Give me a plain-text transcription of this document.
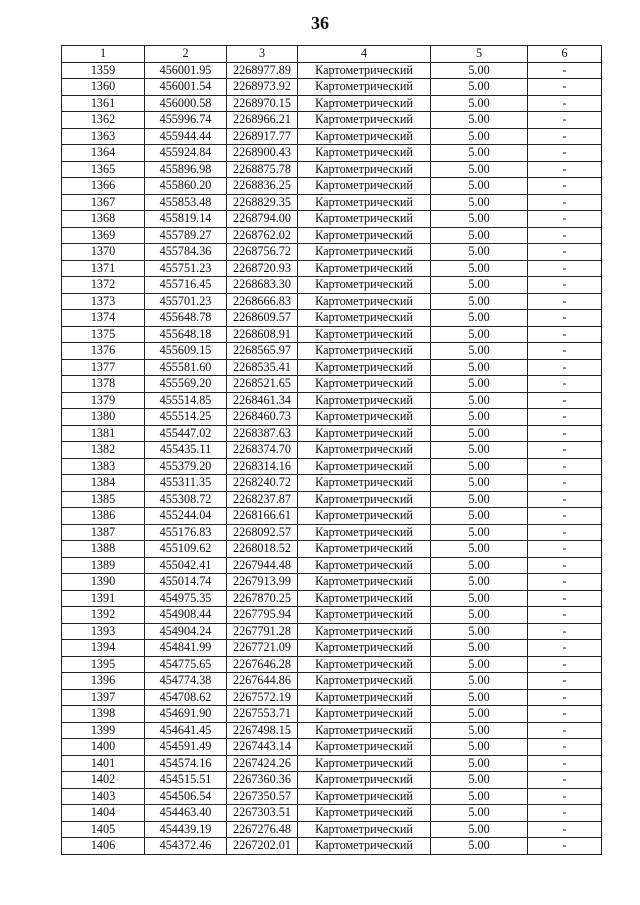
36
1	2	3	4	5	6
1359	456001.95	2268977.89	Картометрический	5.00	-
1360	456001.54	2268973.92	Картометрический	5.00	-
1361	456000.58	2268970.15	Картометрический	5.00	-
1362	455996.74	2268966.21	Картометрический	5.00	-
1363	455944.44	2268917.77	Картометрический	5.00	-
1364	455924.84	2268900.43	Картометрический	5.00	-
1365	455896.98	2268875.78	Картометрический	5.00	-
1366	455860.20	2268836.25	Картометрический	5.00	-
1367	455853.48	2268829.35	Картометрический	5.00	-
1368	455819.14	2268794.00	Картометрический	5.00	-
1369	455789.27	2268762.02	Картометрический	5.00	-
1370	455784.36	2268756.72	Картометрический	5.00	-
1371	455751.23	2268720.93	Картометрический	5.00	-
1372	455716.45	2268683.30	Картометрический	5.00	-
1373	455701.23	2268666.83	Картометрический	5.00	-
1374	455648.78	2268609.57	Картометрический	5.00	-
1375	455648.18	2268608.91	Картометрический	5.00	-
1376	455609.15	2268565.97	Картометрический	5.00	-
1377	455581.60	2268535.41	Картометрический	5.00	-
1378	455569.20	2268521.65	Картометрический	5.00	-
1379	455514.85	2268461.34	Картометрический	5.00	-
1380	455514.25	2268460.73	Картометрический	5.00	-
1381	455447.02	2268387.63	Картометрический	5.00	-
1382	455435.11	2268374.70	Картометрический	5.00	-
1383	455379.20	2268314.16	Картометрический	5.00	-
1384	455311.35	2268240.72	Картометрический	5.00	-
1385	455308.72	2268237.87	Картометрический	5.00	-
1386	455244.04	2268166.61	Картометрический	5.00	-
1387	455176.83	2268092.57	Картометрический	5.00	-
1388	455109.62	2268018.52	Картометрический	5.00	-
1389	455042.41	2267944.48	Картометрический	5.00	-
1390	455014.74	2267913.99	Картометрический	5.00	-
1391	454975.35	2267870.25	Картометрический	5.00	-
1392	454908.44	2267795.94	Картометрический	5.00	-
1393	454904.24	2267791.28	Картометрический	5.00	-
1394	454841.99	2267721.09	Картометрический	5.00	-
1395	454775.65	2267646.28	Картометрический	5.00	-
1396	454774.38	2267644.86	Картометрический	5.00	-
1397	454708.62	2267572.19	Картометрический	5.00	-
1398	454691.90	2267553.71	Картометрический	5.00	-
1399	454641.45	2267498.15	Картометрический	5.00	-
1400	454591.49	2267443.14	Картометрический	5.00	-
1401	454574.16	2267424.26	Картометрический	5.00	-
1402	454515.51	2267360.36	Картометрический	5.00	-
1403	454506.54	2267350.57	Картометрический	5.00	-
1404	454463.40	2267303.51	Картометрический	5.00	-
1405	454439.19	2267276.48	Картометрический	5.00	-
1406	454372.46	2267202.01	Картометрический	5.00	-
